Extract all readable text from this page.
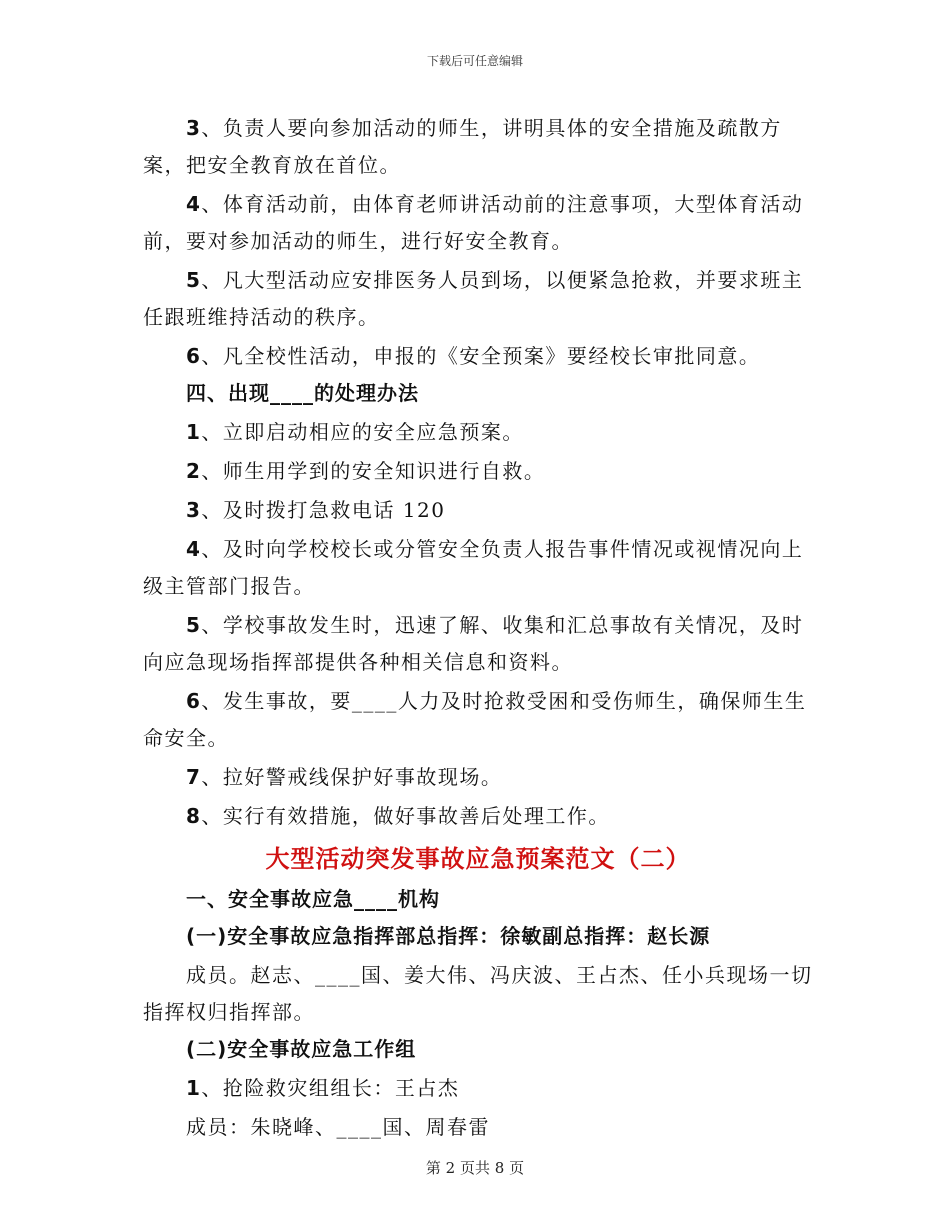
下载后可任意编辑

3、负责人要向参加活动的师生，讲明具体的安全措施及疏散方案，把安全教育放在首位。

4、体育活动前，由体育老师讲活动前的注意事项，大型体育活动前，要对参加活动的师生，进行好安全教育。

5、凡大型活动应安排医务人员到场，以便紧急抢救，并要求班主任跟班维持活动的秩序。

6、凡全校性活动，申报的《安全预案》要经校长审批同意。

四、出现____的处理办法

1、立即启动相应的安全应急预案。

2、师生用学到的安全知识进行自救。

3、及时拨打急救电话 120

4、及时向学校校长或分管安全负责人报告事件情况或视情况向上级主管部门报告。

5、学校事故发生时，迅速了解、收集和汇总事故有关情况，及时向应急现场指挥部提供各种相关信息和资料。

6、发生事故，要____人力及时抢救受困和受伤师生，确保师生生命安全。

7、拉好警戒线保护好事故现场。

8、实行有效措施，做好事故善后处理工作。

大型活动突发事故应急预案范文（二）

一、安全事故应急____机构

(一)安全事故应急指挥部总指挥：徐敏副总指挥：赵长源

成员。赵志、____国、姜大伟、冯庆波、王占杰、任小兵现场一切指挥权归指挥部。

(二)安全事故应急工作组

1、抢险救灾组组长：王占杰

成员：朱晓峰、____国、周春雷

第 2 页共 8 页
